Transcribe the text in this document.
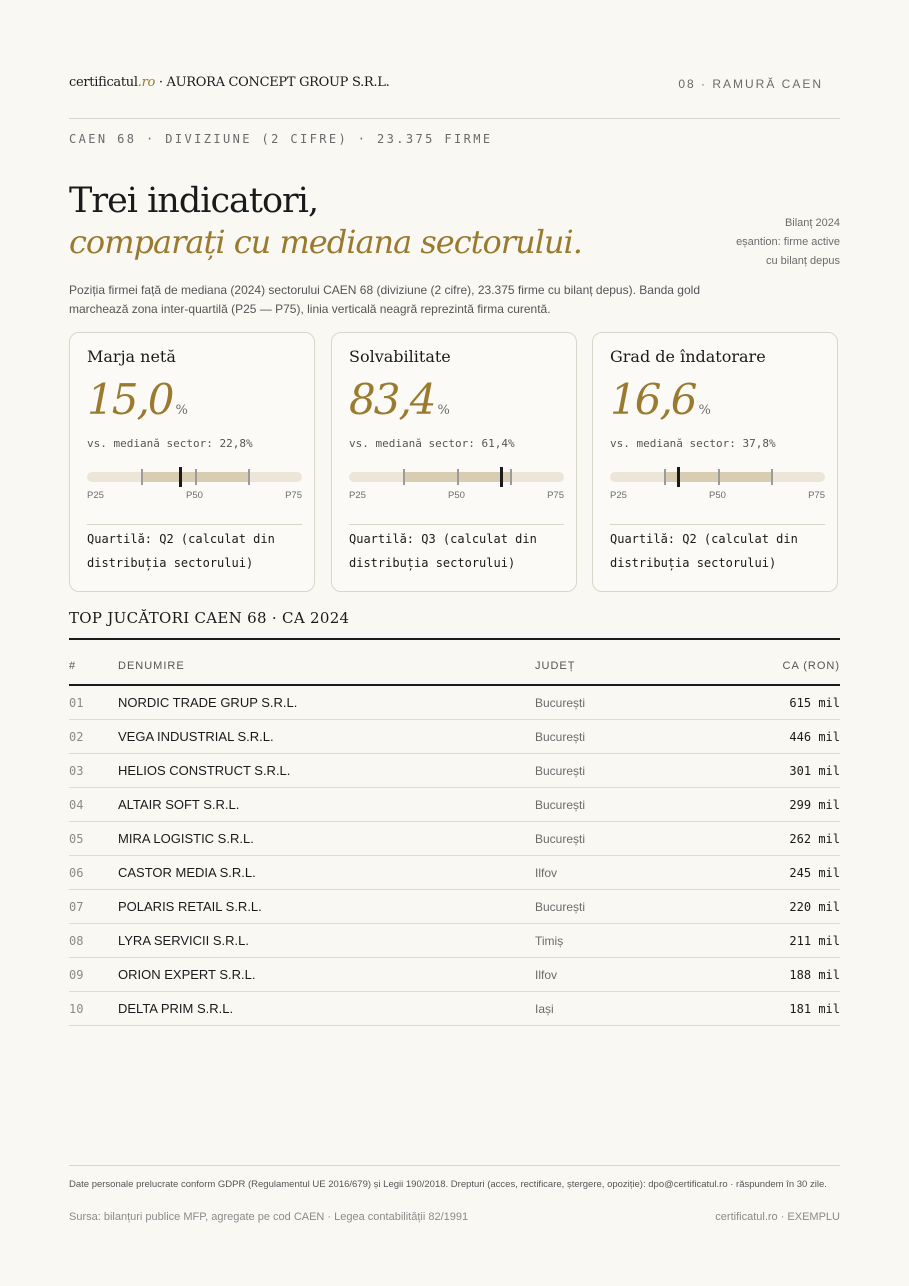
certificatul.ro · AURORA CONCEPT GROUP S.R.L.	08 · RAMURĂ CAEN
CAEN 68 · DIVIZIUNE (2 CIFRE) · 23.375 FIRME
Trei indicatori,
comparați cu mediana sectorului.	Bilanț 2024
eșantion: firme active
cu bilanț depus
Poziția firmei față de mediana (2024) sectorului CAEN 68 (diviziune (2 cifre), 23.375 firme cu bilanț depus). Banda gold marchează zona inter-quartilă (P25 — P75), linia verticală neagră reprezintă firma curentă.
Marja netă
15,0 %
vs. mediană sector: 22,8%
P25	P50	P75
Quartilă: Q2 (calculat din
distribuția sectorului)
Solvabilitate
83,4 %
vs. mediană sector: 61,4%
P25	P50	P75
Quartilă: Q3 (calculat din
distribuția sectorului)
Grad de îndatorare
16,6 %
vs. mediană sector: 37,8%
P25	P50	P75
Quartilă: Q2 (calculat din
distribuția sectorului)
TOP JUCĂTORI CAEN 68 · CA 2024
#	DENUMIRE	JUDEȚ	CA (RON)
01	NORDIC TRADE GRUP S.R.L.	București	615 mil
02	VEGA INDUSTRIAL S.R.L.	București	446 mil
03	HELIOS CONSTRUCT S.R.L.	București	301 mil
04	ALTAIR SOFT S.R.L.	București	299 mil
05	MIRA LOGISTIC S.R.L.	București	262 mil
06	CASTOR MEDIA S.R.L.	Ilfov	245 mil
07	POLARIS RETAIL S.R.L.	București	220 mil
08	LYRA SERVICII S.R.L.	Timiș	211 mil
09	ORION EXPERT S.R.L.	Ilfov	188 mil
10	DELTA PRIM S.R.L.	Iași	181 mil
Date personale prelucrate conform GDPR (Regulamentul UE 2016/679) și Legii 190/2018. Drepturi (acces, rectificare, ștergere, opoziție): dpo@certificatul.ro · răspundem în 30 zile.
Sursa: bilanțuri publice MFP, agregate pe cod CAEN · Legea contabilității 82/1991	certificatul.ro · EXEMPLU
